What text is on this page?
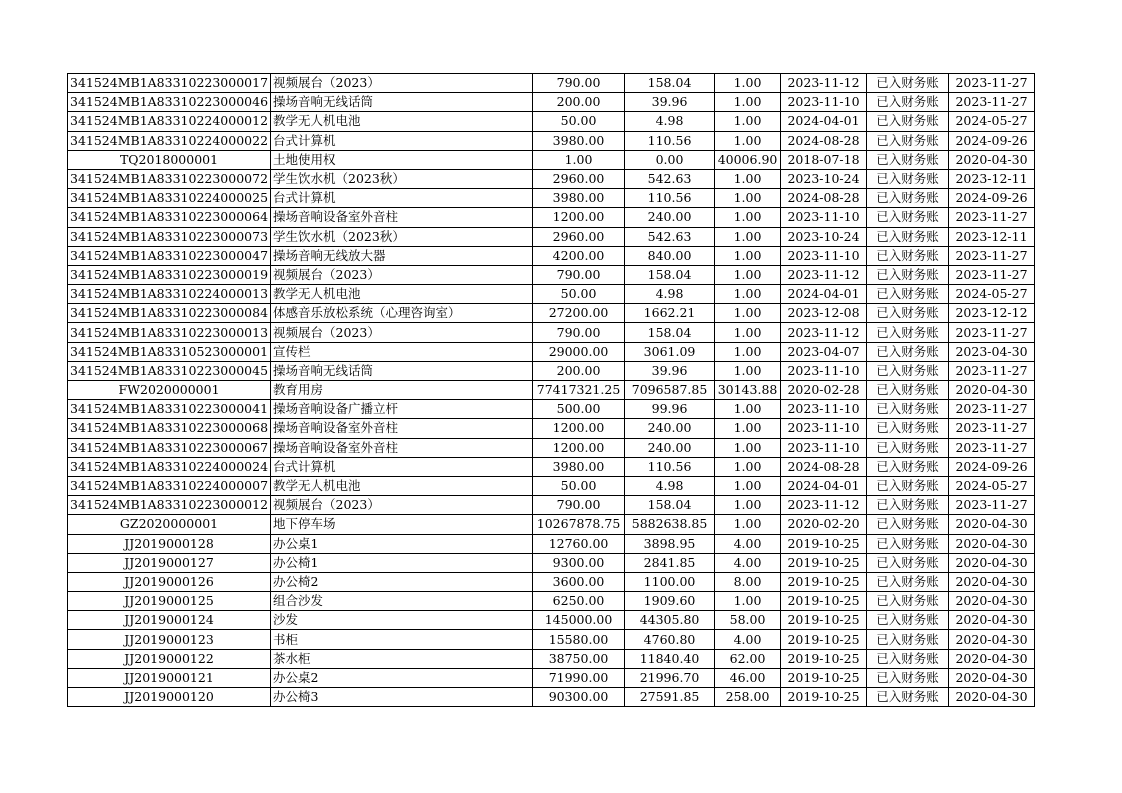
341524MB1A83310223000017	视频展台（2023）	790.00	158.04	1.00	2023-11-12	已入财务账	2023-11-27
341524MB1A83310223000046	操场音响无线话筒	200.00	39.96	1.00	2023-11-10	已入财务账	2023-11-27
341524MB1A83310224000012	教学无人机电池	50.00	4.98	1.00	2024-04-01	已入财务账	2024-05-27
341524MB1A83310224000022	台式计算机	3980.00	110.56	1.00	2024-08-28	已入财务账	2024-09-26
TQ2018000001	土地使用权	1.00	0.00	40006.90	2018-07-18	已入财务账	2020-04-30
341524MB1A83310223000072	学生饮水机（2023秋）	2960.00	542.63	1.00	2023-10-24	已入财务账	2023-12-11
341524MB1A83310224000025	台式计算机	3980.00	110.56	1.00	2024-08-28	已入财务账	2024-09-26
341524MB1A83310223000064	操场音响设备室外音柱	1200.00	240.00	1.00	2023-11-10	已入财务账	2023-11-27
341524MB1A83310223000073	学生饮水机（2023秋）	2960.00	542.63	1.00	2023-10-24	已入财务账	2023-12-11
341524MB1A83310223000047	操场音响无线放大器	4200.00	840.00	1.00	2023-11-10	已入财务账	2023-11-27
341524MB1A83310223000019	视频展台（2023）	790.00	158.04	1.00	2023-11-12	已入财务账	2023-11-27
341524MB1A83310224000013	教学无人机电池	50.00	4.98	1.00	2024-04-01	已入财务账	2024-05-27
341524MB1A83310223000084	体感音乐放松系统（心理咨询室）	27200.00	1662.21	1.00	2023-12-08	已入财务账	2023-12-12
341524MB1A83310223000013	视频展台（2023）	790.00	158.04	1.00	2023-11-12	已入财务账	2023-11-27
341524MB1A83310523000001	宣传栏	29000.00	3061.09	1.00	2023-04-07	已入财务账	2023-04-30
341524MB1A83310223000045	操场音响无线话筒	200.00	39.96	1.00	2023-11-10	已入财务账	2023-11-27
FW2020000001	教育用房	77417321.25	7096587.85	30143.88	2020-02-28	已入财务账	2020-04-30
341524MB1A83310223000041	操场音响设备广播立杆	500.00	99.96	1.00	2023-11-10	已入财务账	2023-11-27
341524MB1A83310223000068	操场音响设备室外音柱	1200.00	240.00	1.00	2023-11-10	已入财务账	2023-11-27
341524MB1A83310223000067	操场音响设备室外音柱	1200.00	240.00	1.00	2023-11-10	已入财务账	2023-11-27
341524MB1A83310224000024	台式计算机	3980.00	110.56	1.00	2024-08-28	已入财务账	2024-09-26
341524MB1A83310224000007	教学无人机电池	50.00	4.98	1.00	2024-04-01	已入财务账	2024-05-27
341524MB1A83310223000012	视频展台（2023）	790.00	158.04	1.00	2023-11-12	已入财务账	2023-11-27
GZ2020000001	地下停车场	10267878.75	5882638.85	1.00	2020-02-20	已入财务账	2020-04-30
JJ2019000128	办公桌1	12760.00	3898.95	4.00	2019-10-25	已入财务账	2020-04-30
JJ2019000127	办公椅1	9300.00	2841.85	4.00	2019-10-25	已入财务账	2020-04-30
JJ2019000126	办公椅2	3600.00	1100.00	8.00	2019-10-25	已入财务账	2020-04-30
JJ2019000125	组合沙发	6250.00	1909.60	1.00	2019-10-25	已入财务账	2020-04-30
JJ2019000124	沙发	145000.00	44305.80	58.00	2019-10-25	已入财务账	2020-04-30
JJ2019000123	书柜	15580.00	4760.80	4.00	2019-10-25	已入财务账	2020-04-30
JJ2019000122	茶水柜	38750.00	11840.40	62.00	2019-10-25	已入财务账	2020-04-30
JJ2019000121	办公桌2	71990.00	21996.70	46.00	2019-10-25	已入财务账	2020-04-30
JJ2019000120	办公椅3	90300.00	27591.85	258.00	2019-10-25	已入财务账	2020-04-30
